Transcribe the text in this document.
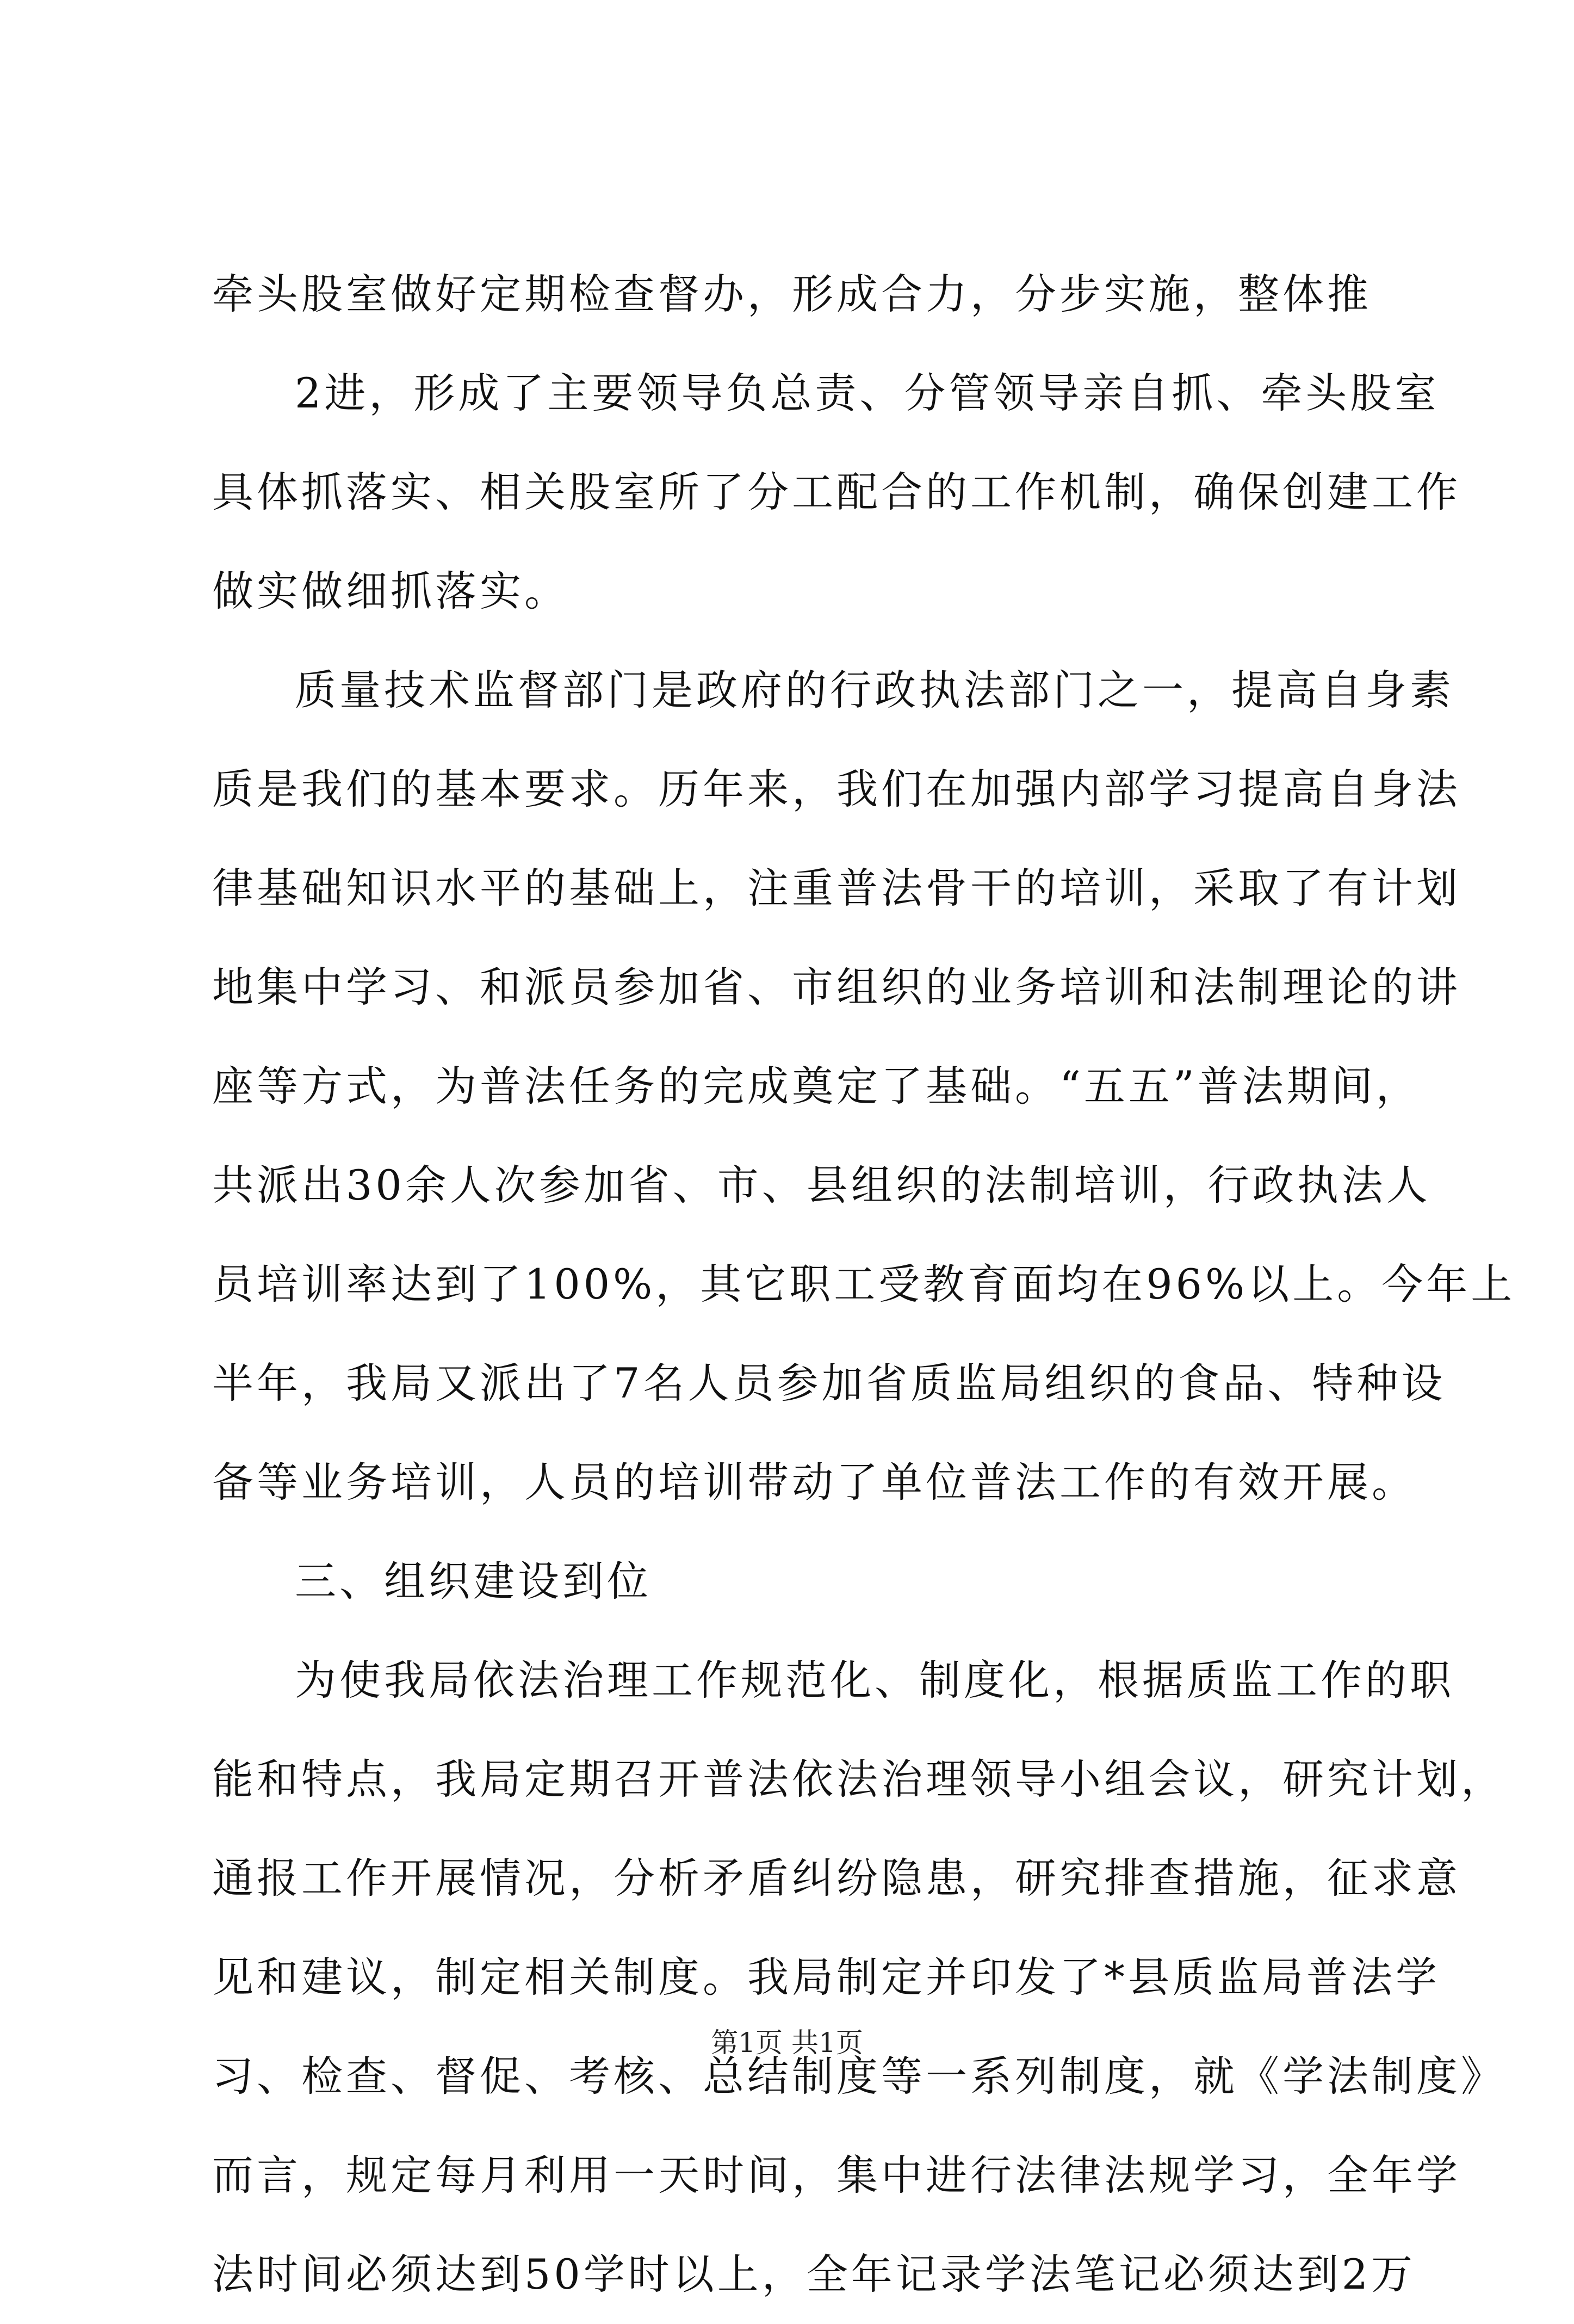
牵头股室做好定期检查督办，形成合力，分步实施，整体推
2进，形成了主要领导负总责、分管领导亲自抓、牵头股室
具体抓落实、相关股室所了分工配合的工作机制，确保创建工作
做实做细抓落实。
质量技术监督部门是政府的行政执法部门之一，提高自身素
质是我们的基本要求。历年来，我们在加强内部学习提高自身法
律基础知识水平的基础上，注重普法骨干的培训，采取了有计划
地集中学习、和派员参加省、市组织的业务培训和法制理论的讲
座等方式，为普法任务的完成奠定了基础。“五五”普法期间，
共派出30余人次参加省、市、县组织的法制培训，行政执法人
员培训率达到了100%，其它职工受教育面均在96%以上。今年上
半年，我局又派出了7名人员参加省质监局组织的食品、特种设
备等业务培训，人员的培训带动了单位普法工作的有效开展。
三、组织建设到位
为使我局依法治理工作规范化、制度化，根据质监工作的职
能和特点，我局定期召开普法依法治理领导小组会议，研究计划，
通报工作开展情况，分析矛盾纠纷隐患，研究排查措施，征求意
见和建议，制定相关制度。我局制定并印发了*县质监局普法学
习、检查、督促、考核、总结制度等一系列制度，就《学法制度》
而言，规定每月利用一天时间，集中进行法律法规学习，全年学
法时间必须达到50学时以上，全年记录学法笔记必须达到2万
第1页 共1页
